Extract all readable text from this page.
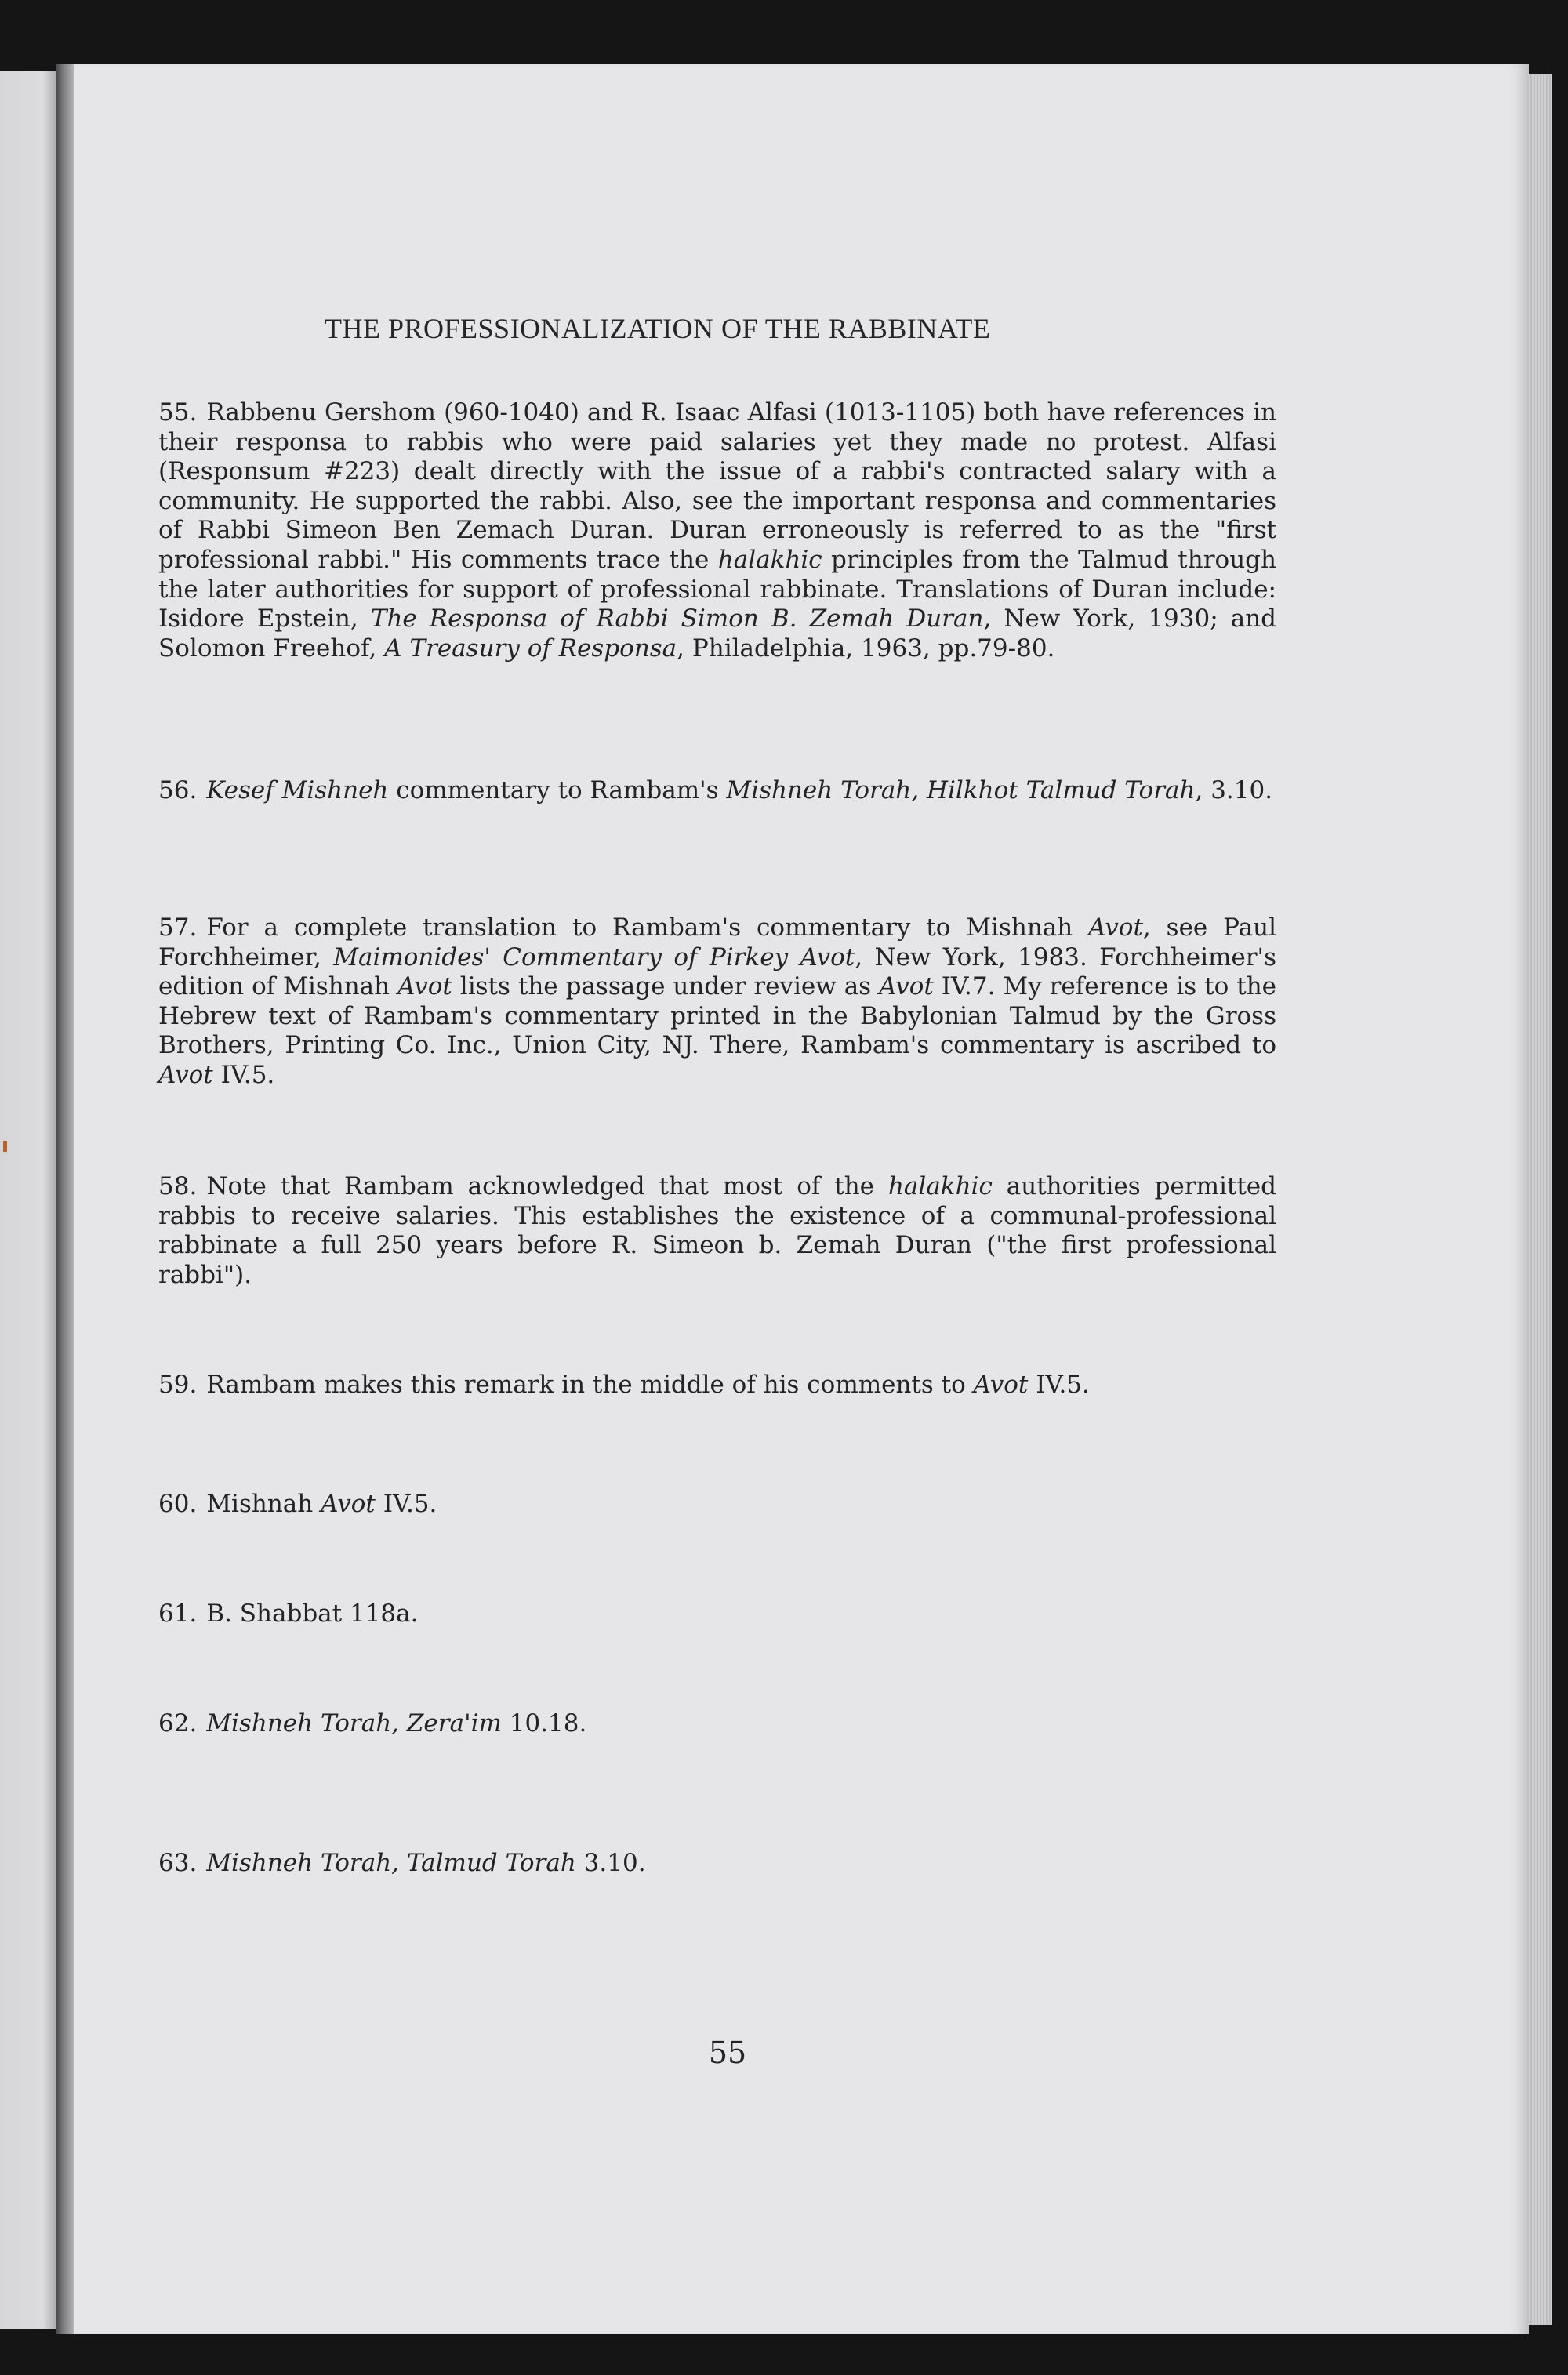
THE PROFESSIONALIZATION OF THE RABBINATE

55. Rabbenu Gershom (960-1040) and R. Isaac Alfasi (1013-1105) both have references in their responsa to rabbis who were paid salaries yet they made no protest. Alfasi (Responsum #223) dealt directly with the issue of a rabbi's contracted salary with a community. He supported the rabbi. Also, see the important responsa and commentaries of Rabbi Simeon Ben Zemach Duran. Duran erroneously is referred to as the "first professional rabbi." His comments trace the halakhic principles from the Talmud through the later authorities for support of professional rabbinate. Translations of Duran include: Isidore Epstein, The Responsa of Rabbi Simon B. Zemah Duran, New York, 1930; and Solomon Freehof, A Treasury of Responsa, Philadelphia, 1963, pp.79-80.

56. Kesef Mishneh commentary to Rambam's Mishneh Torah, Hilkhot Talmud Torah, 3.10.

57. For a complete translation to Rambam's commentary to Mishnah Avot, see Paul Forchheimer, Maimonides' Commentary of Pirkey Avot, New York, 1983. Forchheimer's edition of Mishnah Avot lists the passage under review as Avot IV.7. My reference is to the Hebrew text of Rambam's commentary printed in the Babylonian Talmud by the Gross Brothers, Printing Co. Inc., Union City, NJ. There, Rambam's commentary is ascribed to Avot IV.5.

58. Note that Rambam acknowledged that most of the halakhic authorities permitted rabbis to receive salaries. This establishes the existence of a communal-professional rabbinate a full 250 years before R. Simeon b. Zemah Duran ("the first professional rabbi").

59. Rambam makes this remark in the middle of his comments to Avot IV.5.

60. Mishnah Avot IV.5.

61. B. Shabbat 118a.

62. Mishneh Torah, Zera'im 10.18.

63. Mishneh Torah, Talmud Torah 3.10.

55
